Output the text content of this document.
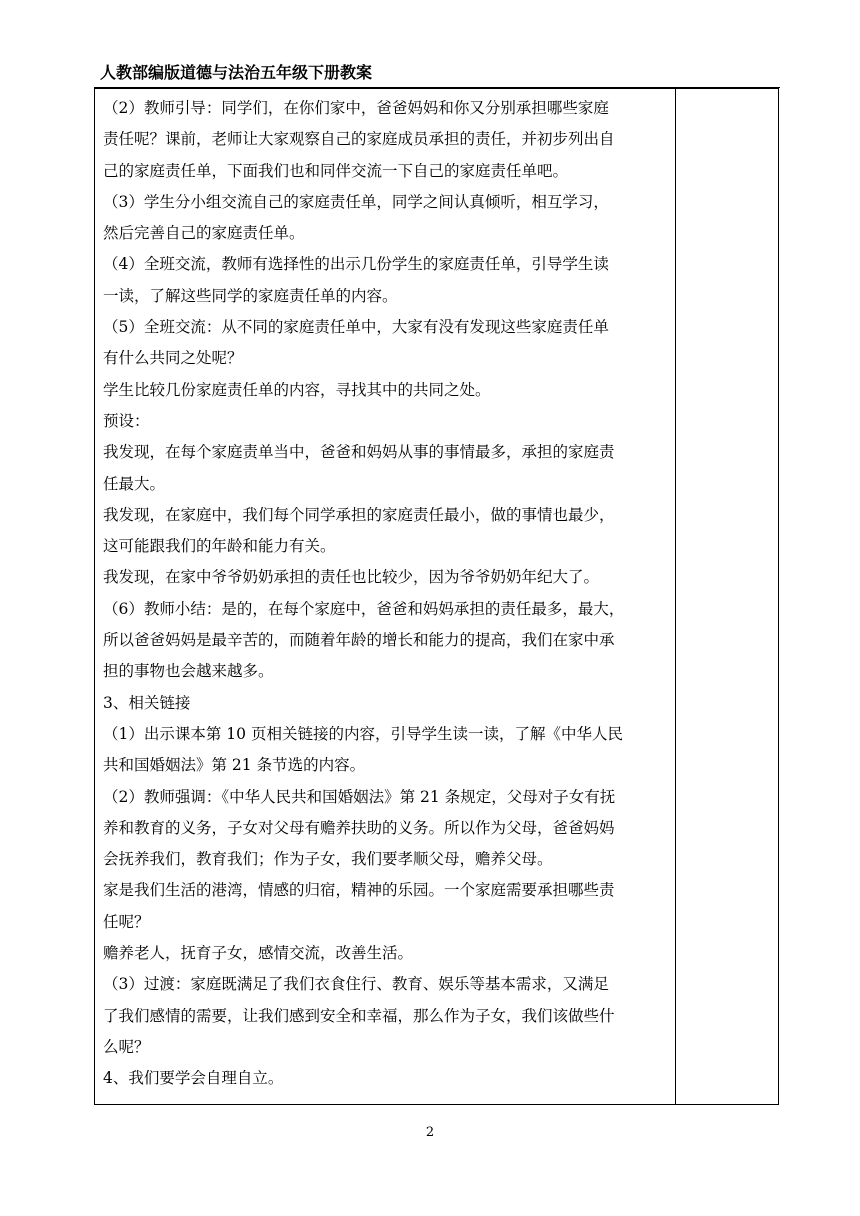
人教部编版道德与法治五年级下册教案

（2）教师引导：同学们，在你们家中，爸爸妈妈和你又分别承担哪些家庭

责任呢？课前，老师让大家观察自己的家庭成员承担的责任，并初步列出自

己的家庭责任单，下面我们也和同伴交流一下自己的家庭责任单吧。

（3）学生分小组交流自己的家庭责任单，同学之间认真倾听，相互学习，

然后完善自己的家庭责任单。

（4）全班交流，教师有选择性的出示几份学生的家庭责任单，引导学生读

一读，了解这些同学的家庭责任单的内容。

（5）全班交流：从不同的家庭责任单中，大家有没有发现这些家庭责任单

有什么共同之处呢？

学生比较几份家庭责任单的内容，寻找其中的共同之处。

预设：

我发现，在每个家庭责单当中，爸爸和妈妈从事的事情最多，承担的家庭责

任最大。

我发现，在家庭中，我们每个同学承担的家庭责任最小，做的事情也最少，

这可能跟我们的年龄和能力有关。

我发现，在家中爷爷奶奶承担的责任也比较少，因为爷爷奶奶年纪大了。

（6）教师小结：是的，在每个家庭中，爸爸和妈妈承担的责任最多，最大，

所以爸爸妈妈是最辛苦的，而随着年龄的增长和能力的提高，我们在家中承

担的事物也会越来越多。

3、相关链接

（1）出示课本第 10 页相关链接的内容，引导学生读一读，了解《中华人民

共和国婚姻法》第 21 条节选的内容。

（2）教师强调：《中华人民共和国婚姻法》第 21 条规定，父母对子女有抚

养和教育的义务，子女对父母有赡养扶助的义务。所以作为父母，爸爸妈妈

会抚养我们，教育我们；作为子女，我们要孝顺父母，赡养父母。

家是我们生活的港湾，情感的归宿，精神的乐园。一个家庭需要承担哪些责

任呢？

赡养老人，抚育子女，感情交流，改善生活。

（3）过渡：家庭既满足了我们衣食住行、教育、娱乐等基本需求，又满足

了我们感情的需要，让我们感到安全和幸福，那么作为子女，我们该做些什

么呢？

4、我们要学会自理自立。

2
